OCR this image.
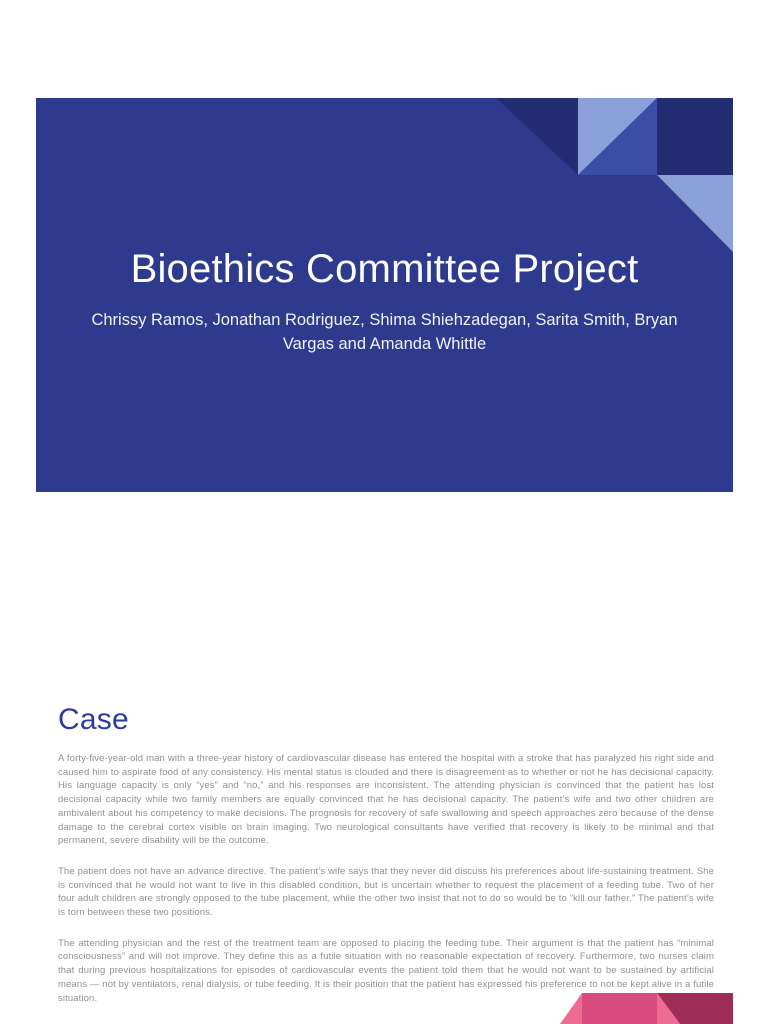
Bioethics Committee Project
Chrissy Ramos, Jonathan Rodriguez, Shima Shiehzadegan, Sarita Smith, Bryan Vargas and Amanda Whittle
Case

A forty-five-year-old man with a three-year history of cardiovascular disease has entered the hospital with a stroke that has paralyzed his right side and caused him to aspirate food of any consistency. His mental status is clouded and there is disagreement as to whether or not he has decisional capacity. His language capacity is only “yes” and “no,” and his responses are inconsistent. The attending physician is convinced that the patient has lost decisional capacity while two family members are equally convinced that he has decisional capacity. The patient’s wife and two other children are ambivalent about his competency to make decisions. The prognosis for recovery of safe swallowing and speech approaches zero because of the dense damage to the cerebral cortex visible on brain imaging. Two neurological consultants have verified that recovery is likely to be minimal and that permanent, severe disability will be the outcome.

The patient does not have an advance directive. The patient’s wife says that they never did discuss his preferences about life-sustaining treatment. She is convinced that he would not want to live in this disabled condition, but is uncertain whether to request the placement of a feeding tube. Two of her four adult children are strongly opposed to the tube placement, while the other two insist that not to do so would be to “kill our father.” The patient’s wife is torn between these two positions.

The attending physician and the rest of the treatment team are opposed to placing the feeding tube. Their argument is that the patient has “minimal consciousness” and will not improve. They define this as a futile situation with no reasonable expectation of recovery. Furthermore, two nurses claim that during previous hospitalizations for episodes of cardiovascular events the patient told them that he would not want to be sustained by artificial means — not by ventilators, renal dialysis, or tube feeding. It is their position that the patient has expressed his preference to not be kept alive in a futile situation.
